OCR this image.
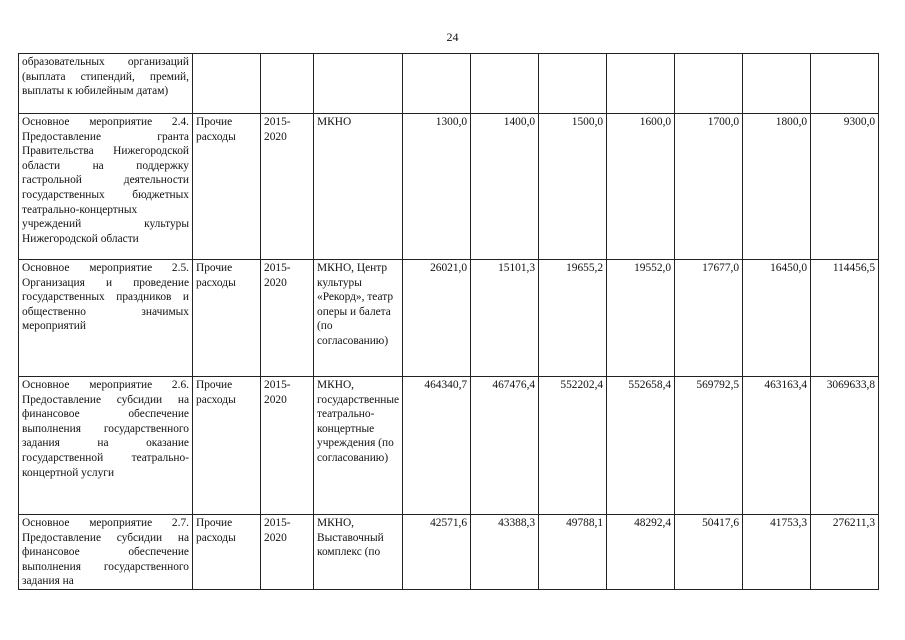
24
образовательных организаций (выплата стипендий, премий, выплаты к юбилейным датам)										
Основное мероприятие 2.4. Предоставление гранта Правительства Нижегородской области на поддержку гастрольной деятельности государственных бюджетных театрально-концертных учреждений культуры Нижегородской области	Прочие расходы	2015-2020	МКНО	1300,0	1400,0	1500,0	1600,0	1700,0	1800,0	9300,0
Основное мероприятие 2.5. Организация и проведение государственных праздников и общественно значимых мероприятий	Прочие расходы	2015-2020	МКНО, Центр культуры «Рекорд», театр оперы и балета (по согласованию)	26021,0	15101,3	19655,2	19552,0	17677,0	16450,0	114456,5
Основное мероприятие 2.6. Предоставление субсидии на финансовое обеспечение выполнения государственного задания на оказание государственной театрально-концертной услуги	Прочие расходы	2015-2020	МКНО, государственные театрально-концертные учреждения (по согласованию)	464340,7	467476,4	552202,4	552658,4	569792,5	463163,4	3069633,8
Основное мероприятие 2.7. Предоставление субсидии на финансовое обеспечение выполнения государственного задания на	Прочие расходы	2015-2020	МКНО, Выставочный комплекс (по	42571,6	43388,3	49788,1	48292,4	50417,6	41753,3	276211,3
